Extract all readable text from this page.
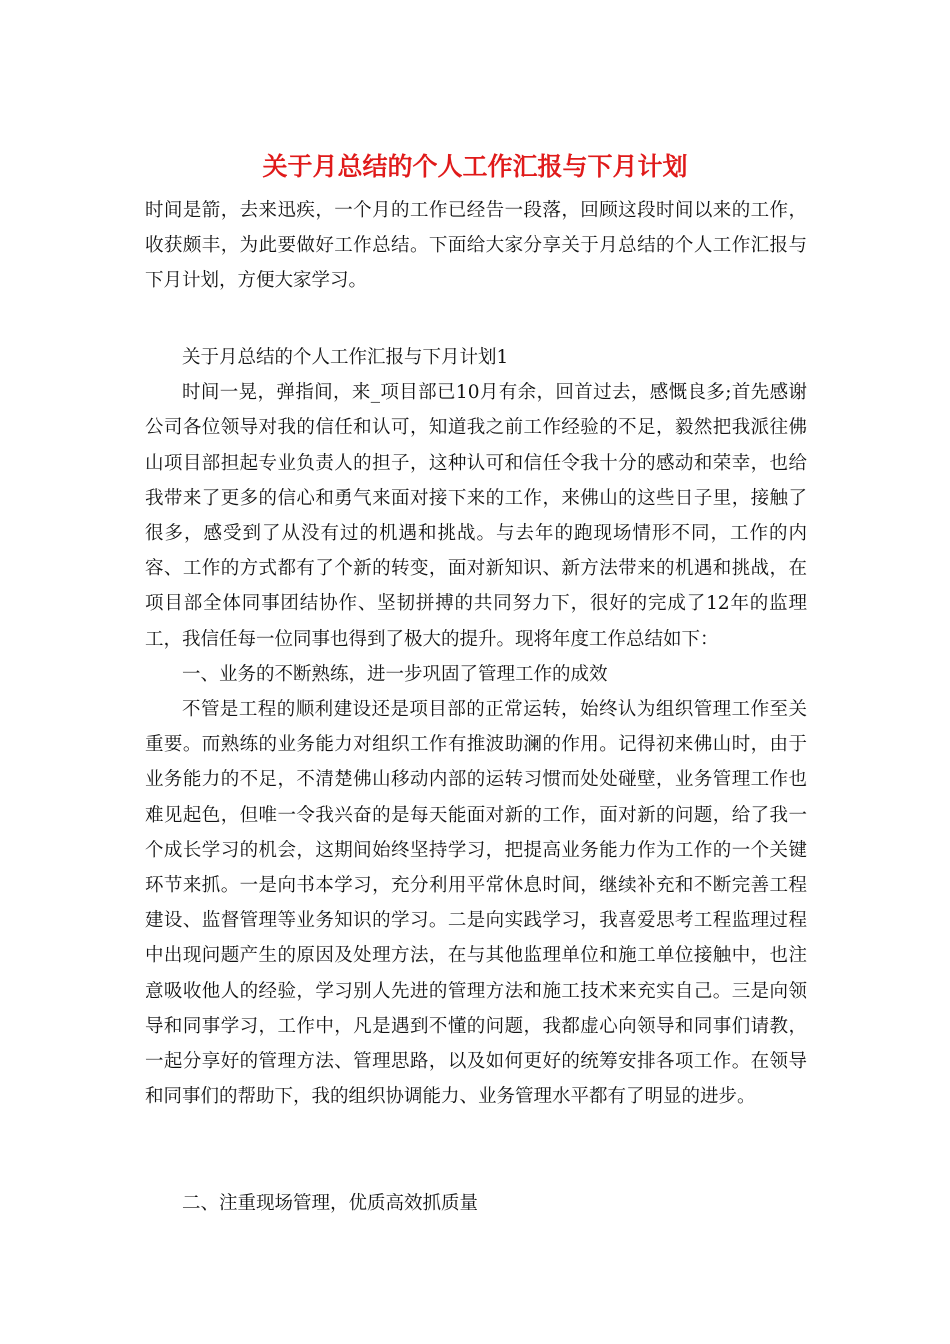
关于月总结的个人工作汇报与下月计划

时间是箭，去来迅疾，一个月的工作已经告一段落，回顾这段时间以来的工作，收获颇丰，为此要做好工作总结。下面给大家分享关于月总结的个人工作汇报与下月计划，方便大家学习。

关于月总结的个人工作汇报与下月计划1

时间一晃，弹指间，来_项目部已10月有余，回首过去，感慨良多;首先感谢公司各位领导对我的信任和认可，知道我之前工作经验的不足，毅然把我派往佛山项目部担起专业负责人的担子，这种认可和信任令我十分的感动和荣幸，也给我带来了更多的信心和勇气来面对接下来的工作，来佛山的这些日子里，接触了很多，感受到了从没有过的机遇和挑战。与去年的跑现场情形不同，工作的内容、工作的方式都有了个新的转变，面对新知识、新方法带来的机遇和挑战，在项目部全体同事团结协作、坚韧拼搏的共同努力下，很好的完成了12年的监理工，我信任每一位同事也得到了极大的提升。现将年度工作总结如下：

一、业务的不断熟练，进一步巩固了管理工作的成效

不管是工程的顺利建设还是项目部的正常运转，始终认为组织管理工作至关重要。而熟练的业务能力对组织工作有推波助澜的作用。记得初来佛山时，由于业务能力的不足，不清楚佛山移动内部的运转习惯而处处碰壁，业务管理工作也难见起色，但唯一令我兴奋的是每天能面对新的工作，面对新的问题，给了我一个成长学习的机会，这期间始终坚持学习，把提高业务能力作为工作的一个关键环节来抓。一是向书本学习，充分利用平常休息时间，继续补充和不断完善工程建设、监督管理等业务知识的学习。二是向实践学习，我喜爱思考工程监理过程中出现问题产生的原因及处理方法，在与其他监理单位和施工单位接触中，也注意吸收他人的经验，学习别人先进的管理方法和施工技术来充实自己。三是向领导和同事学习，工作中，凡是遇到不懂的问题，我都虚心向领导和同事们请教，一起分享好的管理方法、管理思路，以及如何更好的统筹安排各项工作。在领导和同事们的帮助下，我的组织协调能力、业务管理水平都有了明显的进步。

二、注重现场管理，优质高效抓质量
